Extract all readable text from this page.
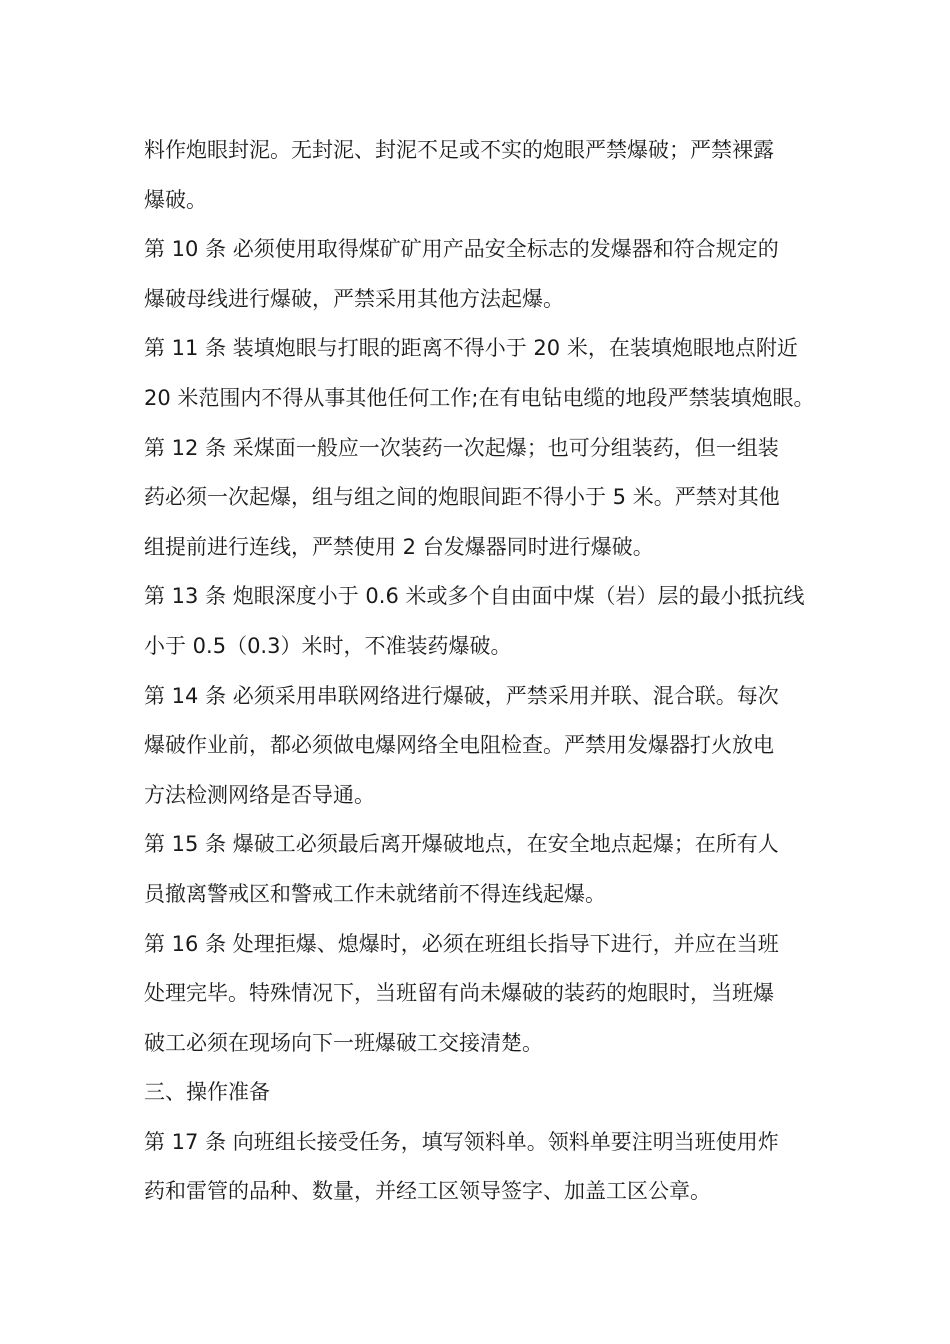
料作炮眼封泥。无封泥、封泥不足或不实的炮眼严禁爆破；严禁裸露
爆破。
第 10 条 必须使用取得煤矿矿用产品安全标志的发爆器和符合规定的
爆破母线进行爆破，严禁采用其他方法起爆。
第 11 条 装填炮眼与打眼的距离不得小于 20 米，在装填炮眼地点附近
20 米范围内不得从事其他任何工作;在有电钻电缆的地段严禁装填炮眼。
第 12 条 采煤面一般应一次装药一次起爆；也可分组装药，但一组装
药必须一次起爆，组与组之间的炮眼间距不得小于 5 米。严禁对其他
组提前进行连线，严禁使用 2 台发爆器同时进行爆破。
第 13 条 炮眼深度小于 0.6 米或多个自由面中煤（岩）层的最小抵抗线
小于 0.5（0.3）米时，不准装药爆破。
第 14 条 必须采用串联网络进行爆破，严禁采用并联、混合联。每次
爆破作业前，都必须做电爆网络全电阻检查。严禁用发爆器打火放电
方法检测网络是否导通。
第 15 条 爆破工必须最后离开爆破地点，在安全地点起爆；在所有人
员撤离警戒区和警戒工作未就绪前不得连线起爆。
第 16 条 处理拒爆、熄爆时，必须在班组长指导下进行，并应在当班
处理完毕。特殊情况下，当班留有尚未爆破的装药的炮眼时，当班爆
破工必须在现场向下一班爆破工交接清楚。
三、操作准备
第 17 条 向班组长接受任务，填写领料单。领料单要注明当班使用炸
药和雷管的品种、数量，并经工区领导签字、加盖工区公章。
